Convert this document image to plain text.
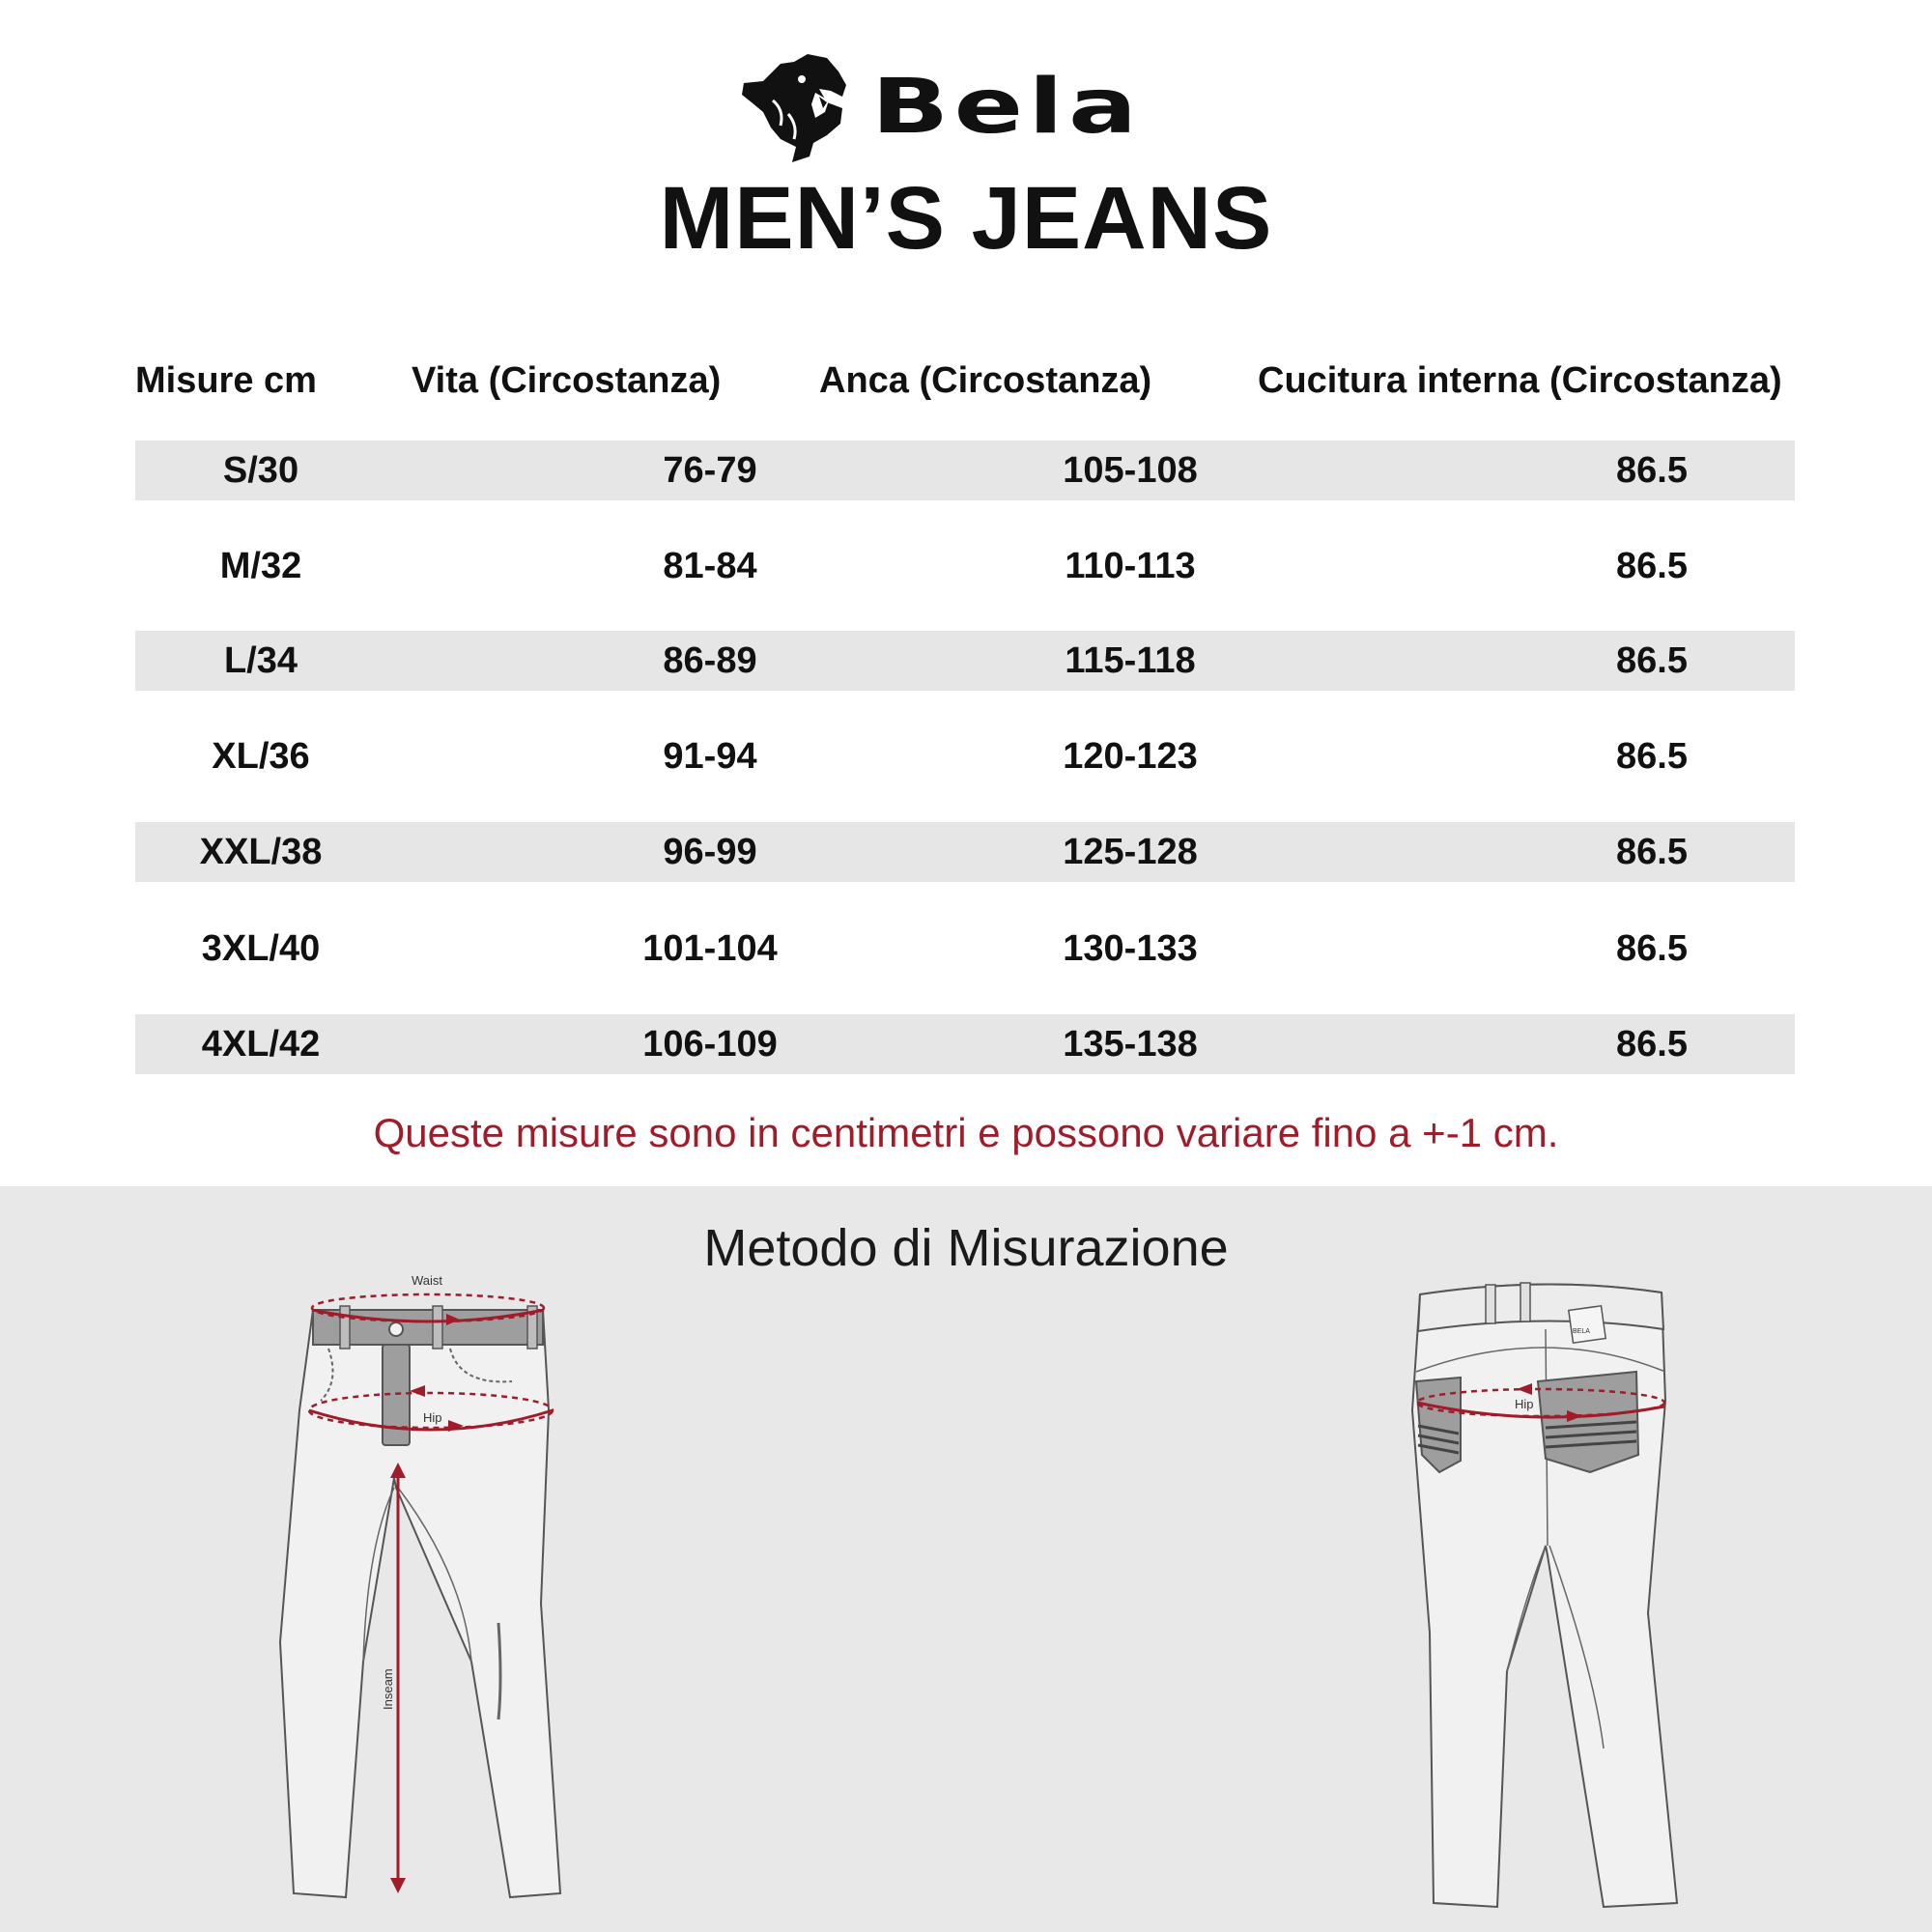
Bela
MEN’S JEANS
Misure cm	Vita (Circostanza)	Anca (Circostanza)	Cucitura interna (Circostanza)
S/30	76-79	105-108	86.5
M/32	81-84	110-113	86.5
L/34	86-89	115-118	86.5
XL/36	91-94	120-123	86.5
XXL/38	96-99	125-128	86.5
3XL/40	101-104	130-133	86.5
4XL/42	106-109	135-138	86.5
Queste misure sono in centimetri e possono variare fino a +-1 cm.
Metodo di Misurazione
Waist
Hip
Inseam
BELA
Hip
